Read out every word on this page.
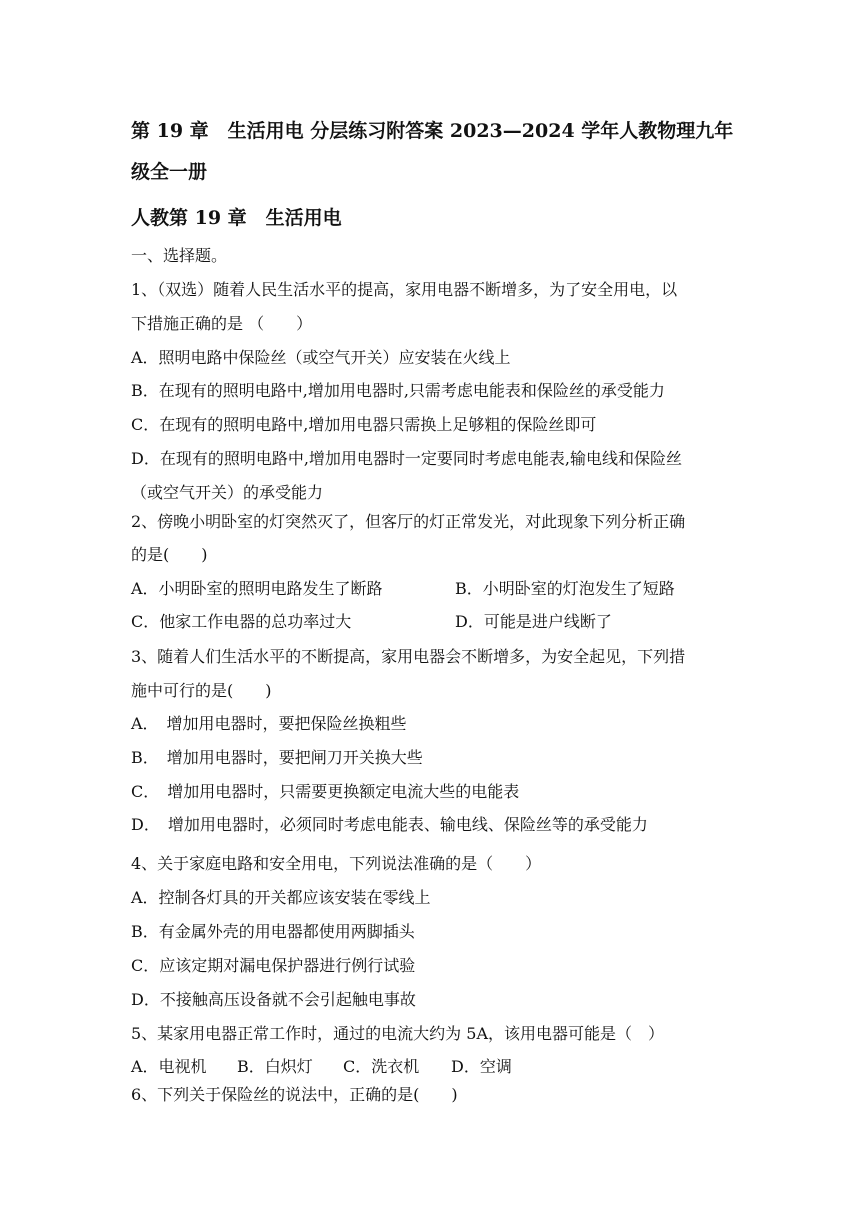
第 19 章　生活用电 分层练习附答案 2023—2024 学年人教物理九年
级全一册
人教第 19 章　生活用电
一、选择题。
1、（双选）随着人民生活水平的提高，家用电器不断增多，为了安全用电，以
下措施正确的是 （　　）
A．照明电路中保险丝（或空气开关）应安装在火线上
B．在现有的照明电路中,增加用电器时,只需考虑电能表和保险丝的承受能力
C．在现有的照明电路中,增加用电器只需换上足够粗的保险丝即可
D．在现有的照明电路中,增加用电器时一定要同时考虑电能表,输电线和保险丝
（或空气开关）的承受能力
2、傍晚小明卧室的灯突然灭了，但客厅的灯正常发光，对此现象下列分析正确
的是(　　)
A．小明卧室的照明电路发生了断路	B．小明卧室的灯泡发生了短路
C．他家工作电器的总功率过大	D．可能是进户线断了
3、随着人们生活水平的不断提高，家用电器会不断增多，为安全起见，下列措
施中可行的是(　　)
A．　增加用电器时，要把保险丝换粗些
B．　增加用电器时，要把闸刀开关换大些
C．　增加用电器时，只需要更换额定电流大些的电能表
D．　增加用电器时，必须同时考虑电能表、输电线、保险丝等的承受能力
4、关于家庭电路和安全用电，下列说法准确的是（　　）
A．控制各灯具的开关都应该安装在零线上
B．有金属外壳的用电器都使用两脚插头
C．应该定期对漏电保护器进行例行试验
D．不接触高压设备就不会引起触电事故
5、某家用电器正常工作时，通过的电流大约为 5A，该用电器可能是（　）
A．电视机 B．白炽灯 C．洗衣机 D．空调
6、下列关于保险丝的说法中，正确的是(　　)
